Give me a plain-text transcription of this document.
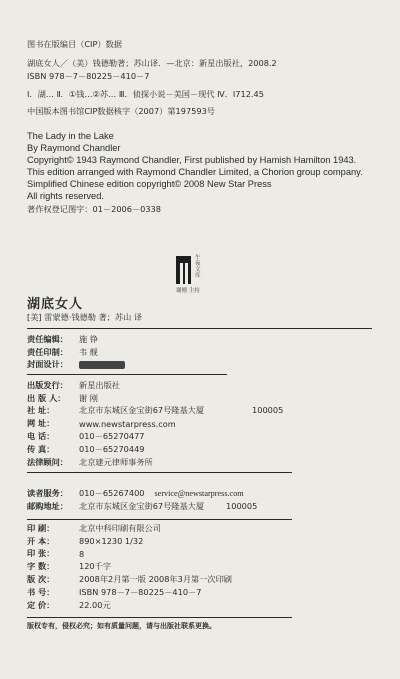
图书在版编目（CIP）数据
湖底女人／（美）钱德勒著；苏山译．—北京：新星出版社，2008.2
ISBN 978－7－80225－410－7
Ⅰ．湖… Ⅱ．①钱…②苏… Ⅲ．侦探小说－美国－现代 Ⅳ．I712.45
中国版本图书馆CIP数据核字（2007）第197593号
The Lady in the Lake
By Raymond Chandler
Copyright© 1943 Raymond Chandler, First published by Hamish Hamilton 1943.
This edition arranged with Raymond Chandler Limited, a Chorion group company.
Simplified Chinese edition copyright© 2008 New Star Press
All rights reserved.
著作权登记图字：01－2006－0338
午夜文库
谢刚 主持
湖底女人
[美] 雷蒙德·钱德勒 著；苏山 译
责任编辑：	施 铮
责任印制：	韦 舰
封面设计：	
出版发行：	新星出版社
出 版 人：	谢 刚
社 址：	北京市东城区金宝街67号隆基大厦 100005
网 址：	www.newstarpress.com
电 话：	010－65270477
传 真：	010－65270449
法律顾问：	北京建元律师事务所
读者服务：	010－65267400 service@newstarpress.com
邮购地址：	北京市东城区金宝街67号隆基大厦 100005
印 刷：	北京中科印刷有限公司
开 本：	890×1230 1/32
印 张：	8
字 数：	120千字
版 次：	2008年2月第一版 2008年3月第一次印刷
书 号：	ISBN 978－7－80225－410－7
定 价：	22.00元
版权专有，侵权必究；如有质量问题，请与出版社联系更换。
